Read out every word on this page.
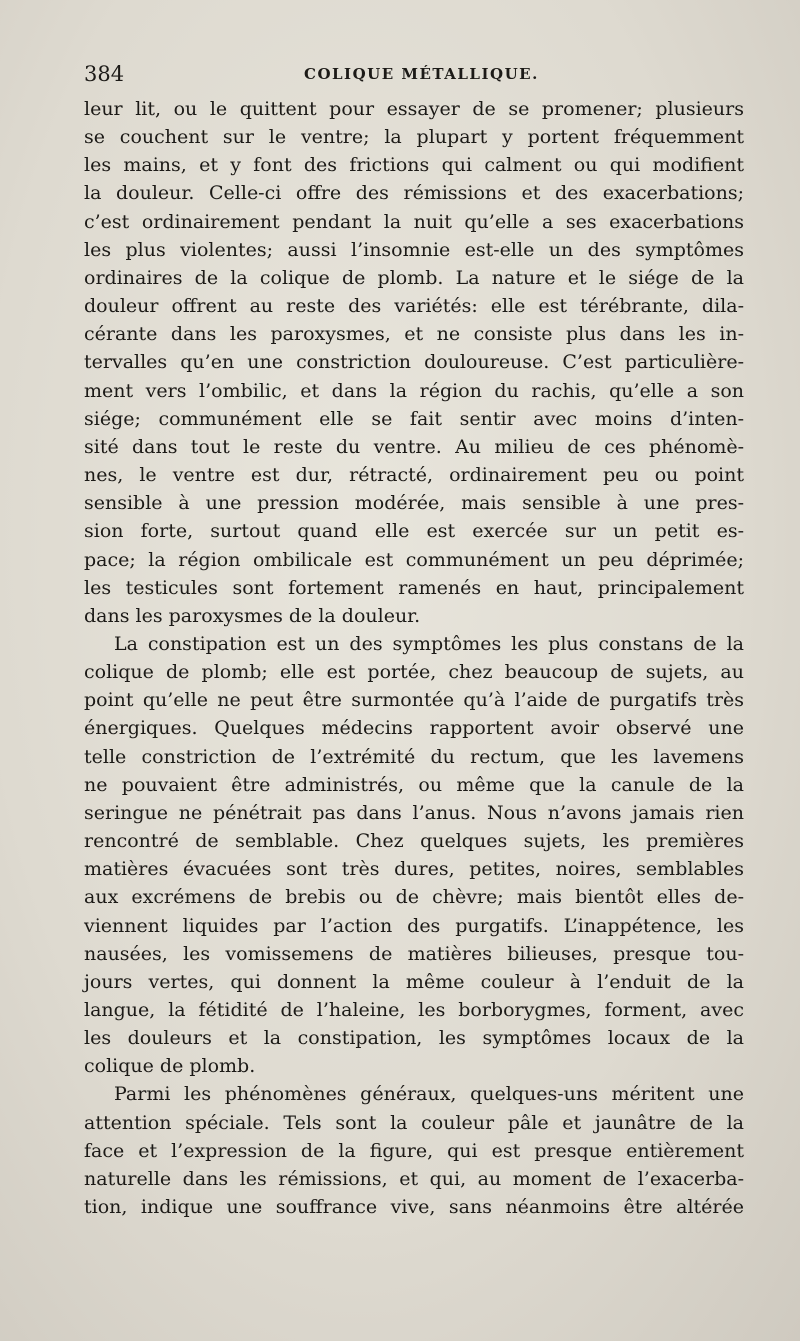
384	COLIQUE MÉTALLIQUE.
leur lit, ou le quittent pour essayer de se promener; plusieurs
se couchent sur le ventre; la plupart y portent fréquemment
les mains, et y font des frictions qui calment ou qui modifient
la douleur. Celle-ci offre des rémissions et des exacerbations;
c’est ordinairement pendant la nuit qu’elle a ses exacerbations
les plus violentes; aussi l’insomnie est-elle un des symptômes
ordinaires de la colique de plomb. La nature et le siége de la
douleur offrent au reste des variétés: elle est térébrante, dila-
cérante dans les paroxysmes, et ne consiste plus dans les in-
tervalles qu’en une constriction douloureuse. C’est particulière-
ment vers l’ombilic, et dans la région du rachis, qu’elle a son
siége; communément elle se fait sentir avec moins d’inten-
sité dans tout le reste du ventre. Au milieu de ces phénomè-
nes, le ventre est dur, rétracté, ordinairement peu ou point
sensible à une pression modérée, mais sensible à une pres-
sion forte, surtout quand elle est exercée sur un petit es-
pace; la région ombilicale est communément un peu déprimée;
les testicules sont fortement ramenés en haut, principalement
dans les paroxysmes de la douleur.
La constipation est un des symptômes les plus constans de la
colique de plomb; elle est portée, chez beaucoup de sujets, au
point qu’elle ne peut être surmontée qu’à l’aide de purgatifs très
énergiques. Quelques médecins rapportent avoir observé une
telle constriction de l’extrémité du rectum, que les lavemens
ne pouvaient être administrés, ou même que la canule de la
seringue ne pénétrait pas dans l’anus. Nous n’avons jamais rien
rencontré de semblable. Chez quelques sujets, les premières
matières évacuées sont très dures, petites, noires, semblables
aux excrémens de brebis ou de chèvre; mais bientôt elles de-
viennent liquides par l’action des purgatifs. L’inappétence, les
nausées, les vomissemens de matières bilieuses, presque tou-
jours vertes, qui donnent la même couleur à l’enduit de la
langue, la fétidité de l’haleine, les borborygmes, forment, avec
les douleurs et la constipation, les symptômes locaux de la
colique de plomb.
Parmi les phénomènes généraux, quelques-uns méritent une
attention spéciale. Tels sont la couleur pâle et jaunâtre de la
face et l’expression de la figure, qui est presque entièrement
naturelle dans les rémissions, et qui, au moment de l’exacerba-
tion, indique une souffrance vive, sans néanmoins être altérée
